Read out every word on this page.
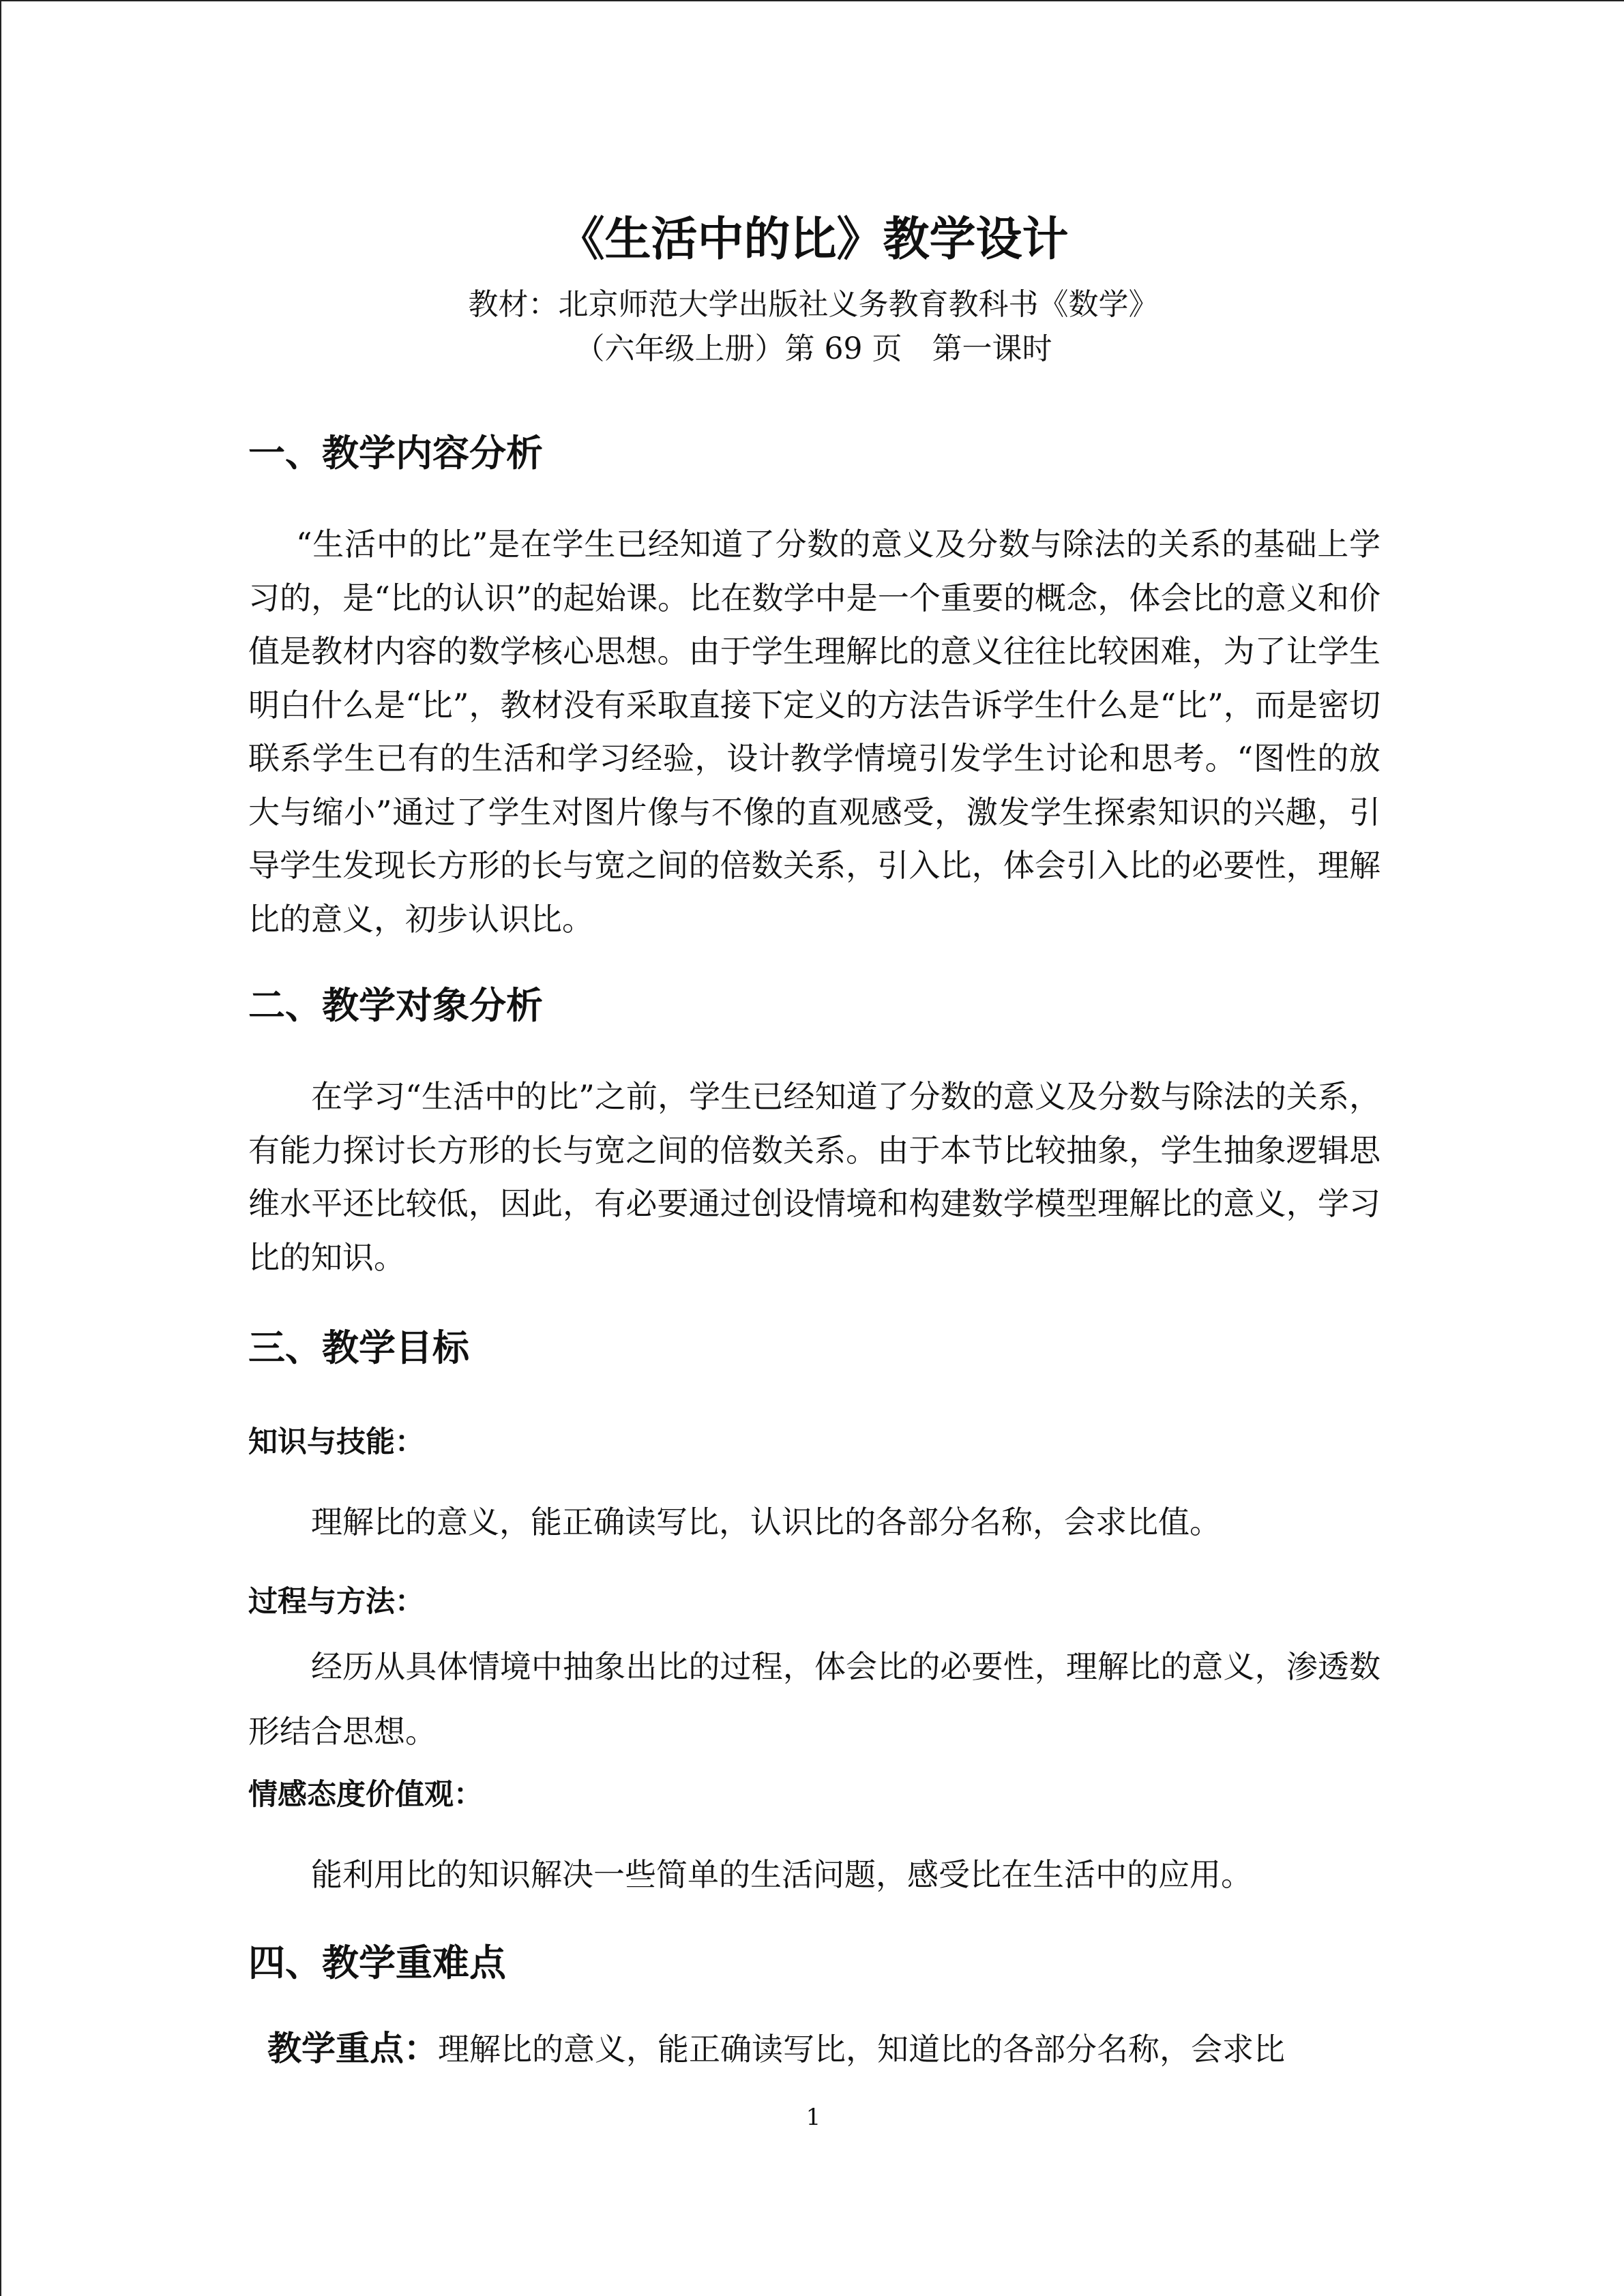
《生活中的比》教学设计
教材：北京师范大学出版社义务教育教科书《数学》
（六年级上册）第 69 页　第一课时
一、教学内容分析

“生活中的比”是在学生已经知道了分数的意义及分数与除法的关系的基础上学习的，是“比的认识”的起始课。比在数学中是一个重要的概念，体会比的意义和价值是教材内容的数学核心思想。由于学生理解比的意义往往比较困难，为了让学生明白什么是“比”，教材没有采取直接下定义的方法告诉学生什么是“比”，而是密切联系学生已有的生活和学习经验，设计教学情境引发学生讨论和思考。“图性的放大与缩小”通过了学生对图片像与不像的直观感受，激发学生探索知识的兴趣，引导学生发现长方形的长与宽之间的倍数关系，引入比，体会引入比的必要性，理解比的意义，初步认识比。

二、教学对象分析

在学习“生活中的比”之前，学生已经知道了分数的意义及分数与除法的关系，有能力探讨长方形的长与宽之间的倍数关系。由于本节比较抽象，学生抽象逻辑思维水平还比较低，因此，有必要通过创设情境和构建数学模型理解比的意义，学习比的知识。

三、教学目标
知识与技能：

理解比的意义，能正确读写比，认识比的各部分名称，会求比值。

过程与方法：

经历从具体情境中抽象出比的过程，体会比的必要性，理解比的意义，渗透数形结合思想。

情感态度价值观：

能利用比的知识解决一些简单的生活问题，感受比在生活中的应用。

四、教学重难点

教学重点：理解比的意义，能正确读写比，知道比的各部分名称，会求比

1
